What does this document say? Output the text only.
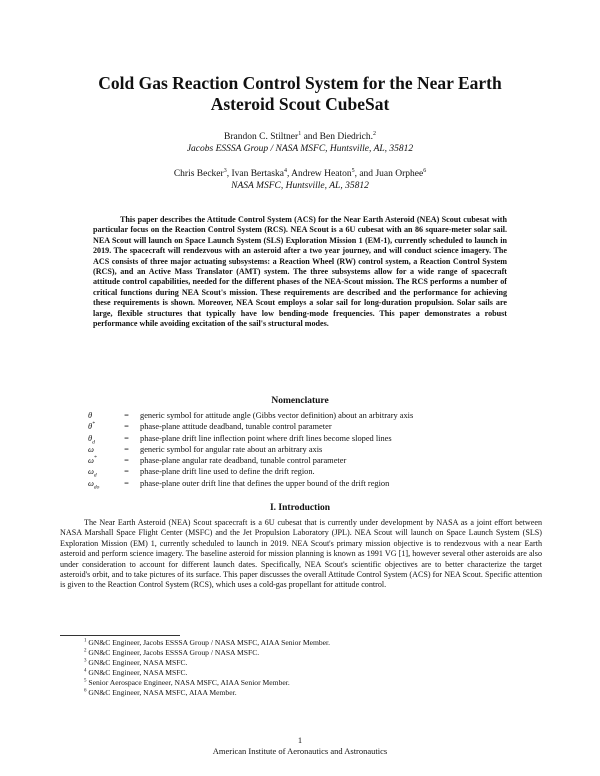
Cold Gas Reaction Control System for the Near Earth
Asteroid Scout CubeSat
Brandon C. Stiltner$^1$ and Ben Diedrich.$^2$
Jacobs ESSSA Group / NASA MSFC, Huntsville, AL, 35812
Chris Becker$^3$, Ivan Bertaska$^4$, Andrew Heaton$^5$, and Juan Orphee$^6$
NASA MSFC, Huntsville, AL, 35812

This paper describes the Attitude Control System (ACS) for the Near Earth Asteroid (NEA) Scout cubesat with particular focus on the Reaction Control System (RCS). NEA Scout is a 6U cubesat with an 86 square-meter solar sail. NEA Scout will launch on Space Launch System (SLS) Exploration Mission 1 (EM-1), currently scheduled to launch in 2019. The spacecraft will rendezvous with an asteroid after a two year journey, and will conduct science imagery. The ACS consists of three major actuating subsystems: a Reaction Wheel (RW) control system, a Reaction Control System (RCS), and an Active Mass Translator (AMT) system. The three subsystems allow for a wide range of spacecraft attitude control capabilities, needed for the different phases of the NEA-Scout mission. The RCS performs a number of critical functions during NEA Scout's mission. These requirements are described and the performance for achieving these requirements is shown. Moreover, NEA Scout employs a solar sail for long-duration propulsion. Solar sails are large, flexible structures that typically have low bending-mode frequencies. This paper demonstrates a robust performance while avoiding excitation of the sail's structural modes.

Nomenclature
θ	=	generic symbol for attitude angle (Gibbs vector definition) about an arbitrary axis
θ*	=	phase-plane attitude deadband, tunable control parameter
$\theta_d$	=	phase-plane drift line inflection point where drift lines become sloped lines
ω	=	generic symbol for angular rate about an arbitrary axis
ω*	=	phase-plane angular rate deadband, tunable control parameter
$\omega_d$	=	phase-plane drift line used to define the drift region.
$\omega_{do}$	=	phase-plane outer drift line that defines the upper bound of the drift region
I. Introduction

The Near Earth Asteroid (NEA) Scout spacecraft is a 6U cubesat that is currently under development by NASA as a joint effort between NASA Marshall Space Flight Center (MSFC) and the Jet Propulsion Laboratory (JPL). NEA Scout will launch on Space Launch System (SLS) Exploration Mission (EM) 1, currently scheduled to launch in 2019. NEA Scout's primary mission objective is to rendezvous with a near Earth asteroid and perform science imagery. The baseline asteroid for mission planning is known as 1991 VG [1], however several other asteroids are also under consideration to account for different launch dates. Specifically, NEA Scout's scientific objectives are to better characterize the target asteroid's orbit, and to take pictures of its surface. This paper discusses the overall Attitude Control System (ACS) for NEA Scout. Specific attention is given to the Reaction Control System (RCS), which uses a cold-gas propellant for attitude control.

$^1$ GN&C Engineer, Jacobs ESSSA Group / NASA MSFC, AIAA Senior Member.
$^2$ GN&C Engineer, Jacobs ESSSA Group / NASA MSFC.
$^3$ GN&C Engineer, NASA MSFC.
$^4$ GN&C Engineer, NASA MSFC.
$^5$ Senior Aerospace Engineer, NASA MSFC, AIAA Senior Member.
$^6$ GN&C Engineer, NASA MSFC, AIAA Member.
1
American Institute of Aeronautics and Astronautics
